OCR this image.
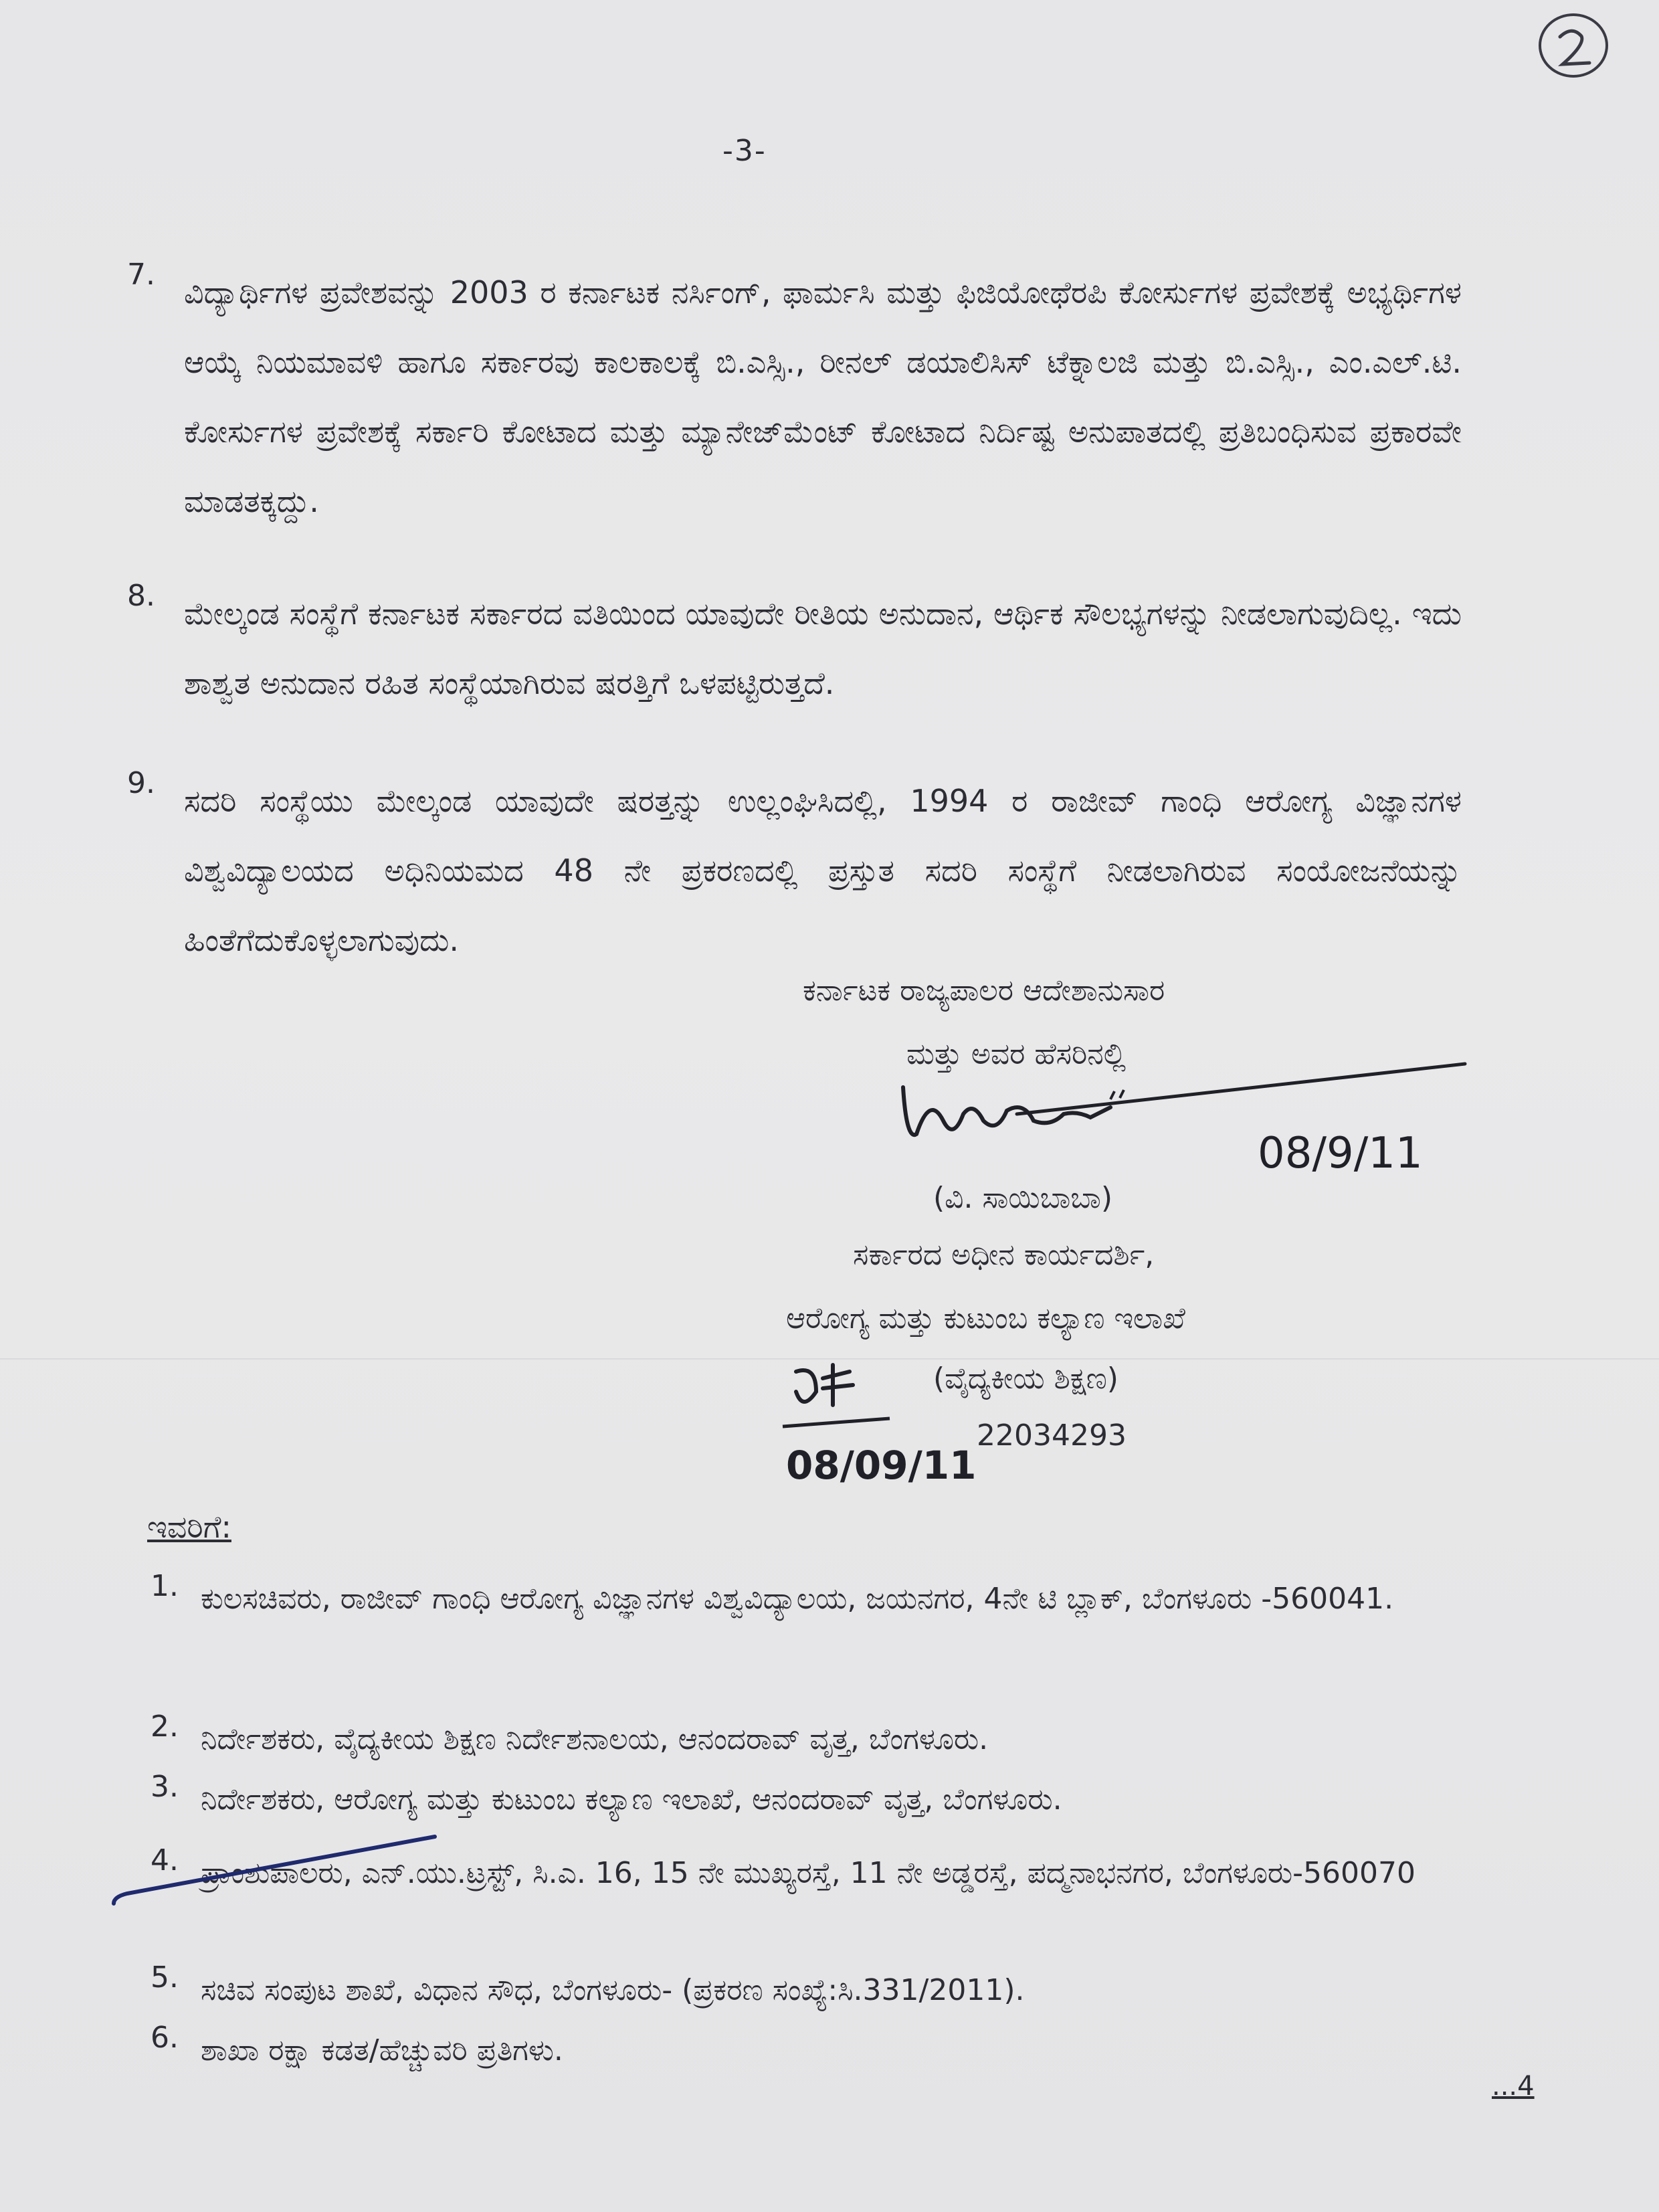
-3-
7. ವಿದ್ಯಾರ್ಥಿಗಳ ಪ್ರವೇಶವನ್ನು 2003 ರ ಕರ್ನಾಟಕ ನರ್ಸಿಂಗ್, ಫಾರ್ಮಸಿ ಮತ್ತು ಫಿಜಿಯೋಥೆರಪಿ ಕೋರ್ಸುಗಳ ಪ್ರವೇಶಕ್ಕೆ ಅಭ್ಯರ್ಥಿಗಳ ಆಯ್ಕೆ ನಿಯಮಾವಳಿ ಹಾಗೂ ಸರ್ಕಾರವು ಕಾಲಕಾಲಕ್ಕೆ ಬಿ.ಎಸ್ಸಿ., ರೀನಲ್ ಡಯಾಲಿಸಿಸ್ ಟೆಕ್ನಾಲಜಿ ಮತ್ತು ಬಿ.ಎಸ್ಸಿ., ಎಂ.ಎಲ್.ಟಿ. ಕೋರ್ಸುಗಳ ಪ್ರವೇಶಕ್ಕೆ ಸರ್ಕಾರಿ ಕೋಟಾದ ಮತ್ತು ಮ್ಯಾನೇಜ್‌ಮೆಂಟ್ ಕೋಟಾದ ನಿರ್ದಿಷ್ಟ ಅನುಪಾತದಲ್ಲಿ ಪ್ರತಿಬಂಧಿಸುವ ಪ್ರಕಾರವೇ ಮಾಡತಕ್ಕದ್ದು.
8. ಮೇಲ್ಕಂಡ ಸಂಸ್ಥೆಗೆ ಕರ್ನಾಟಕ ಸರ್ಕಾರದ ವತಿಯಿಂದ ಯಾವುದೇ ರೀತಿಯ ಅನುದಾನ, ಆರ್ಥಿಕ ಸೌಲಭ್ಯಗಳನ್ನು ನೀಡಲಾಗುವುದಿಲ್ಲ. ಇದು ಶಾಶ್ವತ ಅನುದಾನ ರಹಿತ ಸಂಸ್ಥೆಯಾಗಿರುವ ಷರತ್ತಿಗೆ ಒಳಪಟ್ಟಿರುತ್ತದೆ.
9. ಸದರಿ ಸಂಸ್ಥೆಯು ಮೇಲ್ಕಂಡ ಯಾವುದೇ ಷರತ್ತನ್ನು ಉಲ್ಲಂಘಿಸಿದಲ್ಲಿ, 1994 ರ ರಾಜೀವ್ ಗಾಂಧಿ ಆರೋಗ್ಯ ವಿಜ್ಞಾನಗಳ ವಿಶ್ವವಿದ್ಯಾಲಯದ ಅಧಿನಿಯಮದ 48 ನೇ ಪ್ರಕರಣದಲ್ಲಿ ಪ್ರಸ್ತುತ ಸದರಿ ಸಂಸ್ಥೆಗೆ ನೀಡಲಾಗಿರುವ ಸಂಯೋಜನೆಯನ್ನು ಹಿಂತೆಗೆದುಕೊಳ್ಳಲಾಗುವುದು.
ಕರ್ನಾಟಕ ರಾಜ್ಯಪಾಲರ ಆದೇಶಾನುಸಾರ
ಮತ್ತು ಅವರ ಹೆಸರಿನಲ್ಲಿ
08/9/11
(ವಿ. ಸಾಯಿಬಾಬಾ)
ಸರ್ಕಾರದ ಅಧೀನ ಕಾರ್ಯದರ್ಶಿ,
ಆರೋಗ್ಯ ಮತ್ತು ಕುಟುಂಬ ಕಲ್ಯಾಣ ಇಲಾಖೆ
(ವೈದ್ಯಕೀಯ ಶಿಕ್ಷಣ)
22034293
08/09/11
ಇವರಿಗೆ:
1. ಕುಲಸಚಿವರು, ರಾಜೀವ್ ಗಾಂಧಿ ಆರೋಗ್ಯ ವಿಜ್ಞಾನಗಳ ವಿಶ್ವವಿದ್ಯಾಲಯ, ಜಯನಗರ, 4ನೇ ಟಿ ಬ್ಲಾಕ್, ಬೆಂಗಳೂರು -560041.
2. ನಿರ್ದೇಶಕರು, ವೈದ್ಯಕೀಯ ಶಿಕ್ಷಣ ನಿರ್ದೇಶನಾಲಯ, ಆನಂದರಾವ್ ವೃತ್ತ, ಬೆಂಗಳೂರು.
3. ನಿರ್ದೇಶಕರು, ಆರೋಗ್ಯ ಮತ್ತು ಕುಟುಂಬ ಕಲ್ಯಾಣ ಇಲಾಖೆ, ಆನಂದರಾವ್ ವೃತ್ತ, ಬೆಂಗಳೂರು.
4. ಪ್ರಾಂಶುಪಾಲರು, ಎನ್.ಯು.ಟ್ರಸ್ಟ್, ಸಿ.ಎ. 16, 15 ನೇ ಮುಖ್ಯರಸ್ತೆ, 11 ನೇ ಅಡ್ಡರಸ್ತೆ, ಪದ್ಮನಾಭನಗರ, ಬೆಂಗಳೂರು-560070
5. ಸಚಿವ ಸಂಪುಟ ಶಾಖೆ, ವಿಧಾನ ಸೌಧ, ಬೆಂಗಳೂರು- (ಪ್ರಕರಣ ಸಂಖ್ಯೆ:ಸಿ.331/2011).
6. ಶಾಖಾ ರಕ್ಷಾ ಕಡತ/ಹೆಚ್ಚುವರಿ ಪ್ರತಿಗಳು.
...4
